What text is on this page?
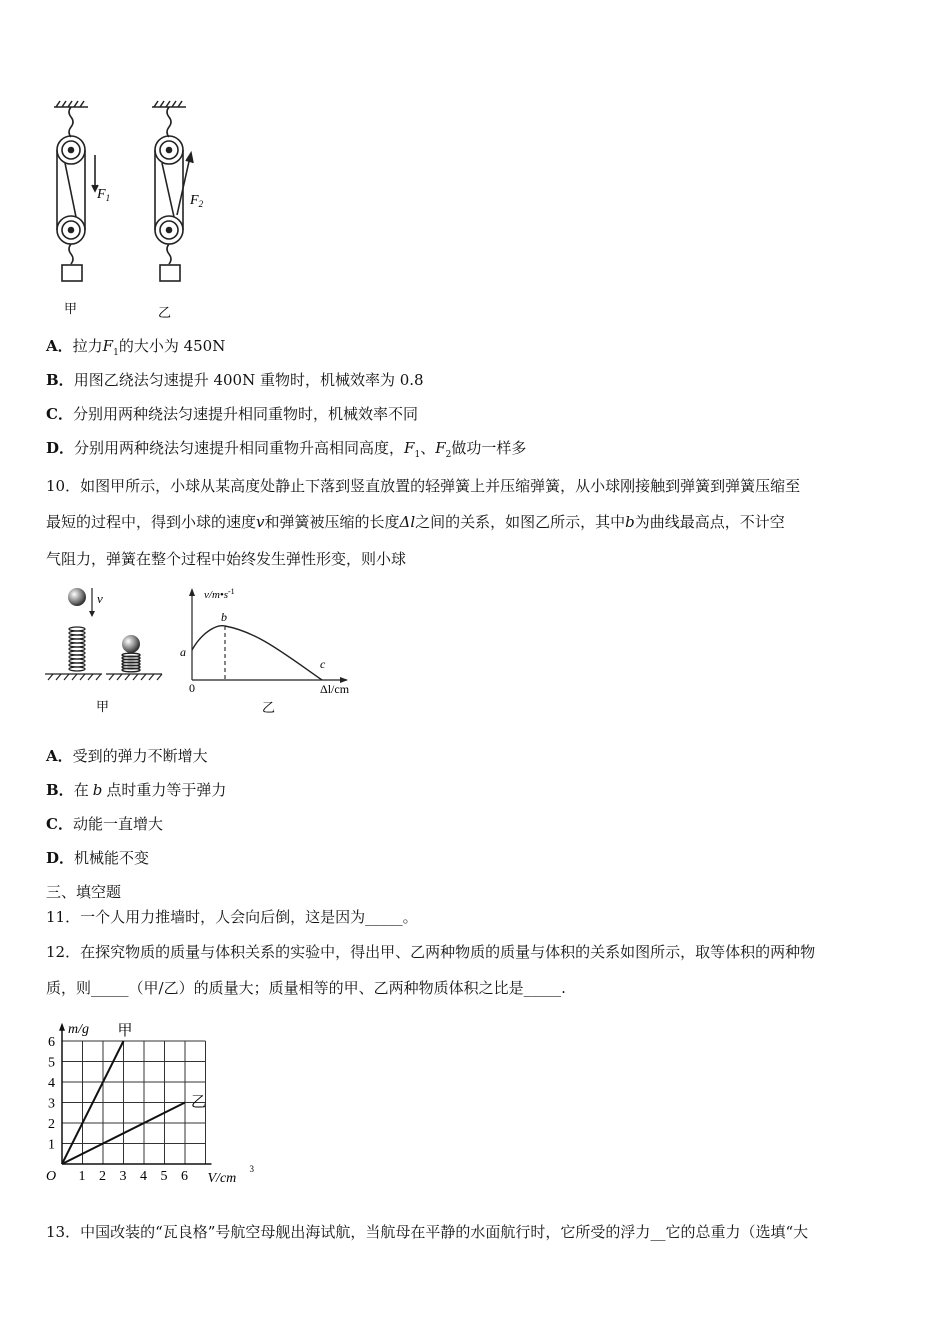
$F_1$	$F_2$
甲	乙
A．拉力$F_1$的大小为 450N
B．用图乙绕法匀速提升 400N 重物时，机械效率为 0.8
C．分别用两种绕法匀速提升相同重物时，机械效率不同
D．分别用两种绕法匀速提升相同重物升高相同高度，$F_1$、$F_2$做功一样多
10．如图甲所示，小球从某高度处静止下落到竖直放置的轻弹簧上并压缩弹簧，从小球刚接触到弹簧到弹簧压缩至
最短的过程中，得到小球的速度v和弹簧被压缩的长度Δl之间的关系，如图乙所示，其中b为曲线最高点，不计空
气阻力，弹簧在整个过程中始终发生弹性形变，则小球
v
甲
$v/m•s^{-1}$
a
b
c
0	Δl/cm
乙
A．受到的弹力不断增大
B．在 b 点时重力等于弹力
C．动能一直增大
D．机械能不变
三、填空题
11．一个人用力推墙时，人会向后倒，这是因为_____。
12．在探究物质的质量与体积关系的实验中，得出甲、乙两种物质的质量与体积的关系如图所示，取等体积的两种物
质，则_____（甲/乙）的质量大；质量相等的甲、乙两种物质体积之比是_____.
1 2 3 4 5 6
1
2
3
4
5
6
O
m/g
V/cm
3
甲
乙
13．中国改装的“瓦良格”号航空母舰出海试航，当航母在平静的水面航行时，它所受的浮力__它的总重力（选填“大
